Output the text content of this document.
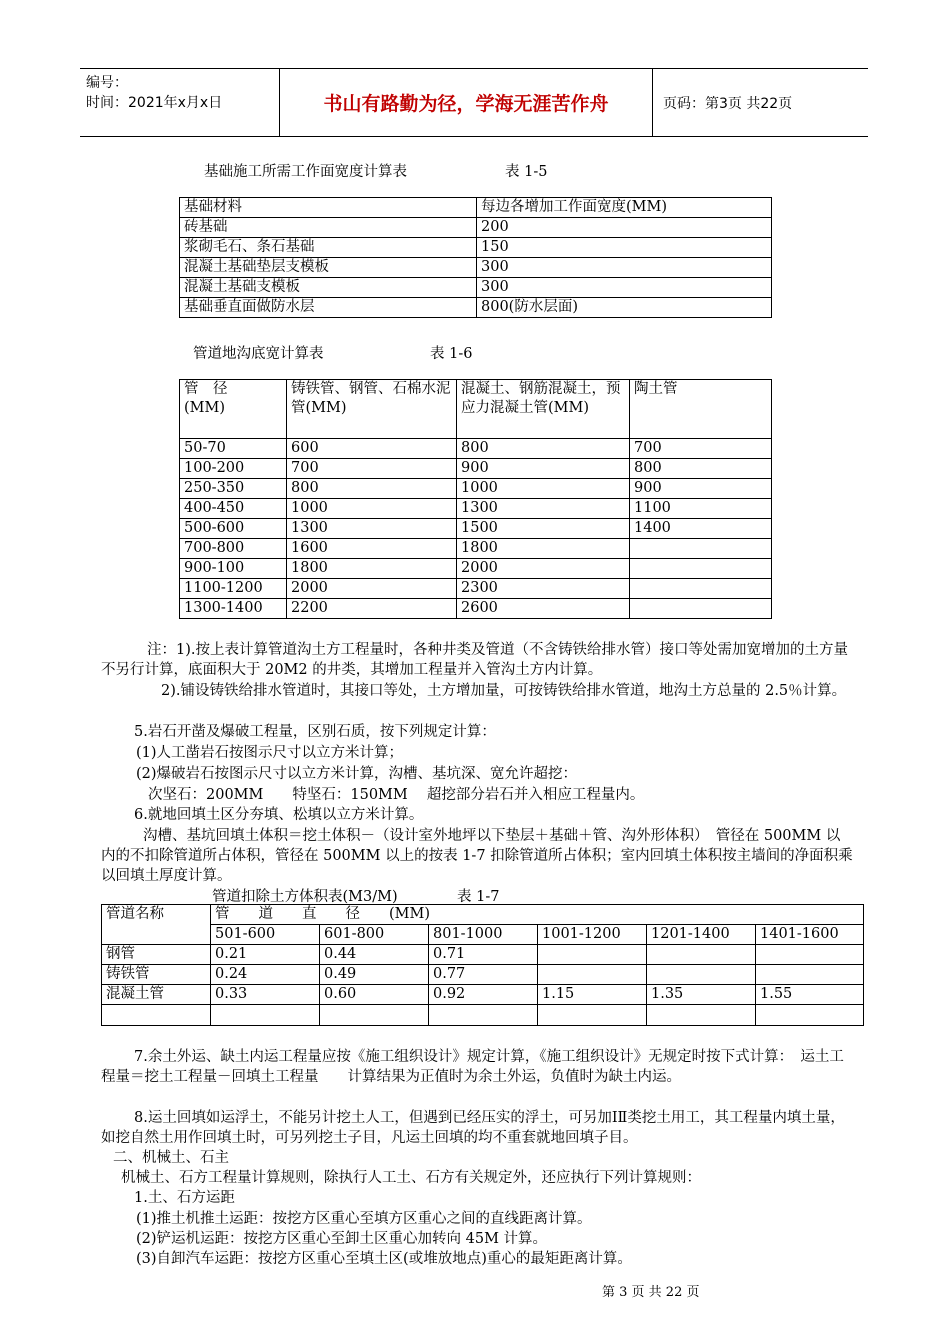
编号：
时间：2021年x月x日	书山有路勤为径，学海无涯苦作舟	页码：第3页 共22页
基础施工所需工作面宽度计算表	表 1-5
基础材料	每边各增加工作面宽度(MM)
砖基础	200
浆砌毛石、条石基础	150
混凝土基础垫层支模板	300
混凝土基础支模板	300
基础垂直面做防水层	800(防水层面)
管道地沟底宽计算表	表 1-6
管　径
(MM)	铸铁管、钢管、石棉水泥管(MM)	混凝土、钢筋混凝土，预应力混凝土管(MM)	陶土管
50-70	600	800	700
100-200	700	900	800
250-350	800	1000	900
400-450	1000	1300	1100
500-600	1300	1500	1400
700-800	1600	1800	
900-100	1800	2000	
1100-1200	2000	2300	
1300-1400	2200	2600	
注：1).按上表计算管道沟土方工程量时，各种井类及管道（不含铸铁给排水管）接口等处需加宽增加的土方量不另行计算，底面积大于 20M2 的井类，其增加工程量并入管沟土方内计算。
2).铺设铸铁给排水管道时，其接口等处，土方增加量，可按铸铁给排水管道，地沟土方总量的 2.5％计算。
5.岩石开凿及爆破工程量，区别石质，按下列规定计算：
(1)人工凿岩石按图示尺寸以立方米计算；
(2)爆破岩石按图示尺寸以立方米计算，沟槽、基坑深、宽允许超挖：
次坚石：200MM　　特坚石：150MM　 超挖部分岩石并入相应工程量内。
6.就地回填土区分夯填、松填以立方米计算。
沟槽、基坑回填土体积＝挖土体积－（设计室外地坪以下垫层＋基础＋管、沟外形体积）　管径在 500MM 以内的不扣除管道所占体积，管径在 500MM 以上的按表 1-7 扣除管道所占体积；室内回填土体积按主墙间的净面积乘以回填土厚度计算。
管道扣除土方体积表(M3/M)	表 1-7
管道名称	管　　道　　直　　径　　(MM)					
	501-600	601-800	801-1000	1001-1200	1201-1400	1401-1600
钢管	0.21	0.44	0.71			
铸铁管	0.24	0.49	0.77			
混凝土管	0.33	0.60	0.92	1.15	1.35	1.55

7.余土外运、缺土内运工程量应按《施工组织设计》规定计算，《施工组织设计》无规定时按下式计算：　运土工程量＝挖土工程量－回填土工程量　　计算结果为正值时为余土外运，负值时为缺土内运。
8.运土回填如运浮土，不能另计挖土人工，但遇到已经压实的浮土，可另加ⅠⅡ类挖土用工，其工程量内填土量，如挖自然土用作回填土时，可另列挖土子目，凡运土回填的均不重套就地回填子目。
二、机械土、石主
机械土、石方工程量计算规则，除执行人工土、石方有关规定外，还应执行下列计算规则：
1.土、石方运距
(1)推土机推土运距：按挖方区重心至填方区重心之间的直线距离计算。
(2)铲运机运距：按挖方区重心至卸土区重心加转向 45M 计算。
(3)自卸汽车运距：按挖方区重心至填土区(或堆放地点)重心的最矩距离计算。
第 3 页 共 22 页
